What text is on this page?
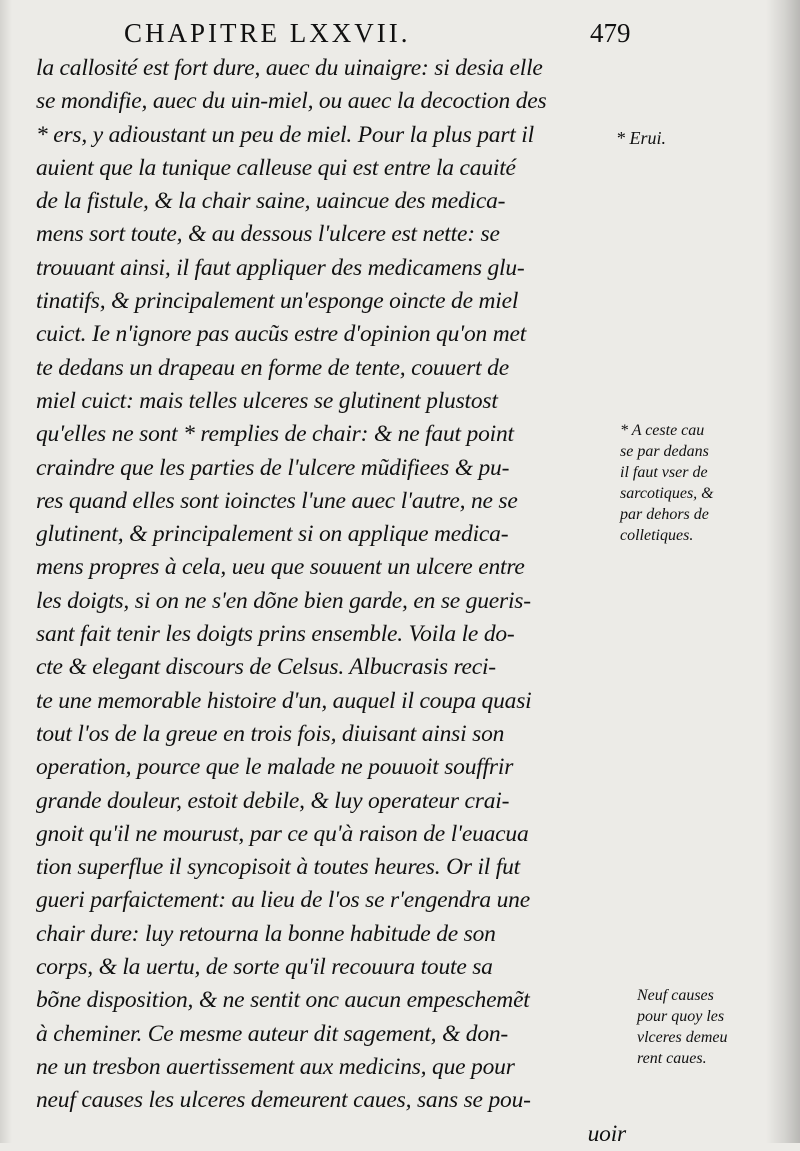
CHAPITRE LXXVII.	479
la callosité est fort dure, auec du uinaigre: si desia elle
se mondifie, auec du uin-miel, ou auec la decoction des
* ers, y adioustant un peu de miel. Pour la plus part il
auient que la tunique calleuse qui est entre la cauité
de la fistule, & la chair saine, uaincue des medica-
mens sort toute, & au dessous l'ulcere est nette: se
trouuant ainsi, il faut appliquer des medicamens glu-
tinatifs, & principalement un'esponge oincte de miel
cuict. Ie n'ignore pas aucũs estre d'opinion qu'on met
te dedans un drapeau en forme de tente, couuert de
miel cuict: mais telles ulceres se glutinent plustost
qu'elles ne sont * remplies de chair: & ne faut point
craindre que les parties de l'ulcere mũdifiees & pu-
res quand elles sont ioinctes l'une auec l'autre, ne se
glutinent, & principalement si on applique medica-
mens propres à cela, ueu que souuent un ulcere entre
les doigts, si on ne s'en dõne bien garde, en se gueris-
sant fait tenir les doigts prins ensemble. Voila le do-
cte & elegant discours de Celsus. Albucrasis reci-
te une memorable histoire d'un, auquel il coupa quasi
tout l'os de la greue en trois fois, diuisant ainsi son
operation, pource que le malade ne pouuoit souffrir
grande douleur, estoit debile, & luy operateur crai-
gnoit qu'il ne mourust, par ce qu'à raison de l'euacua
tion superflue il syncopisoit à toutes heures. Or il fut
gueri parfaictement: au lieu de l'os se r'engendra une
chair dure: luy retourna la bonne habitude de son
corps, & la uertu, de sorte qu'il recouura toute sa
bõne disposition, & ne sentit onc aucun empeschemẽt
à cheminer. Ce mesme auteur dit sagement, & don-
ne un tresbon auertissement aux medicins, que pour
neuf causes les ulceres demeurent caues, sans se pou-
uoir
* Erui.
* A ceste cau
se par dedans
il faut vser de
sarcotiques, &
par dehors de
colletiques.
Neuf causes
pour quoy les
vlceres demeu
rent caues.
